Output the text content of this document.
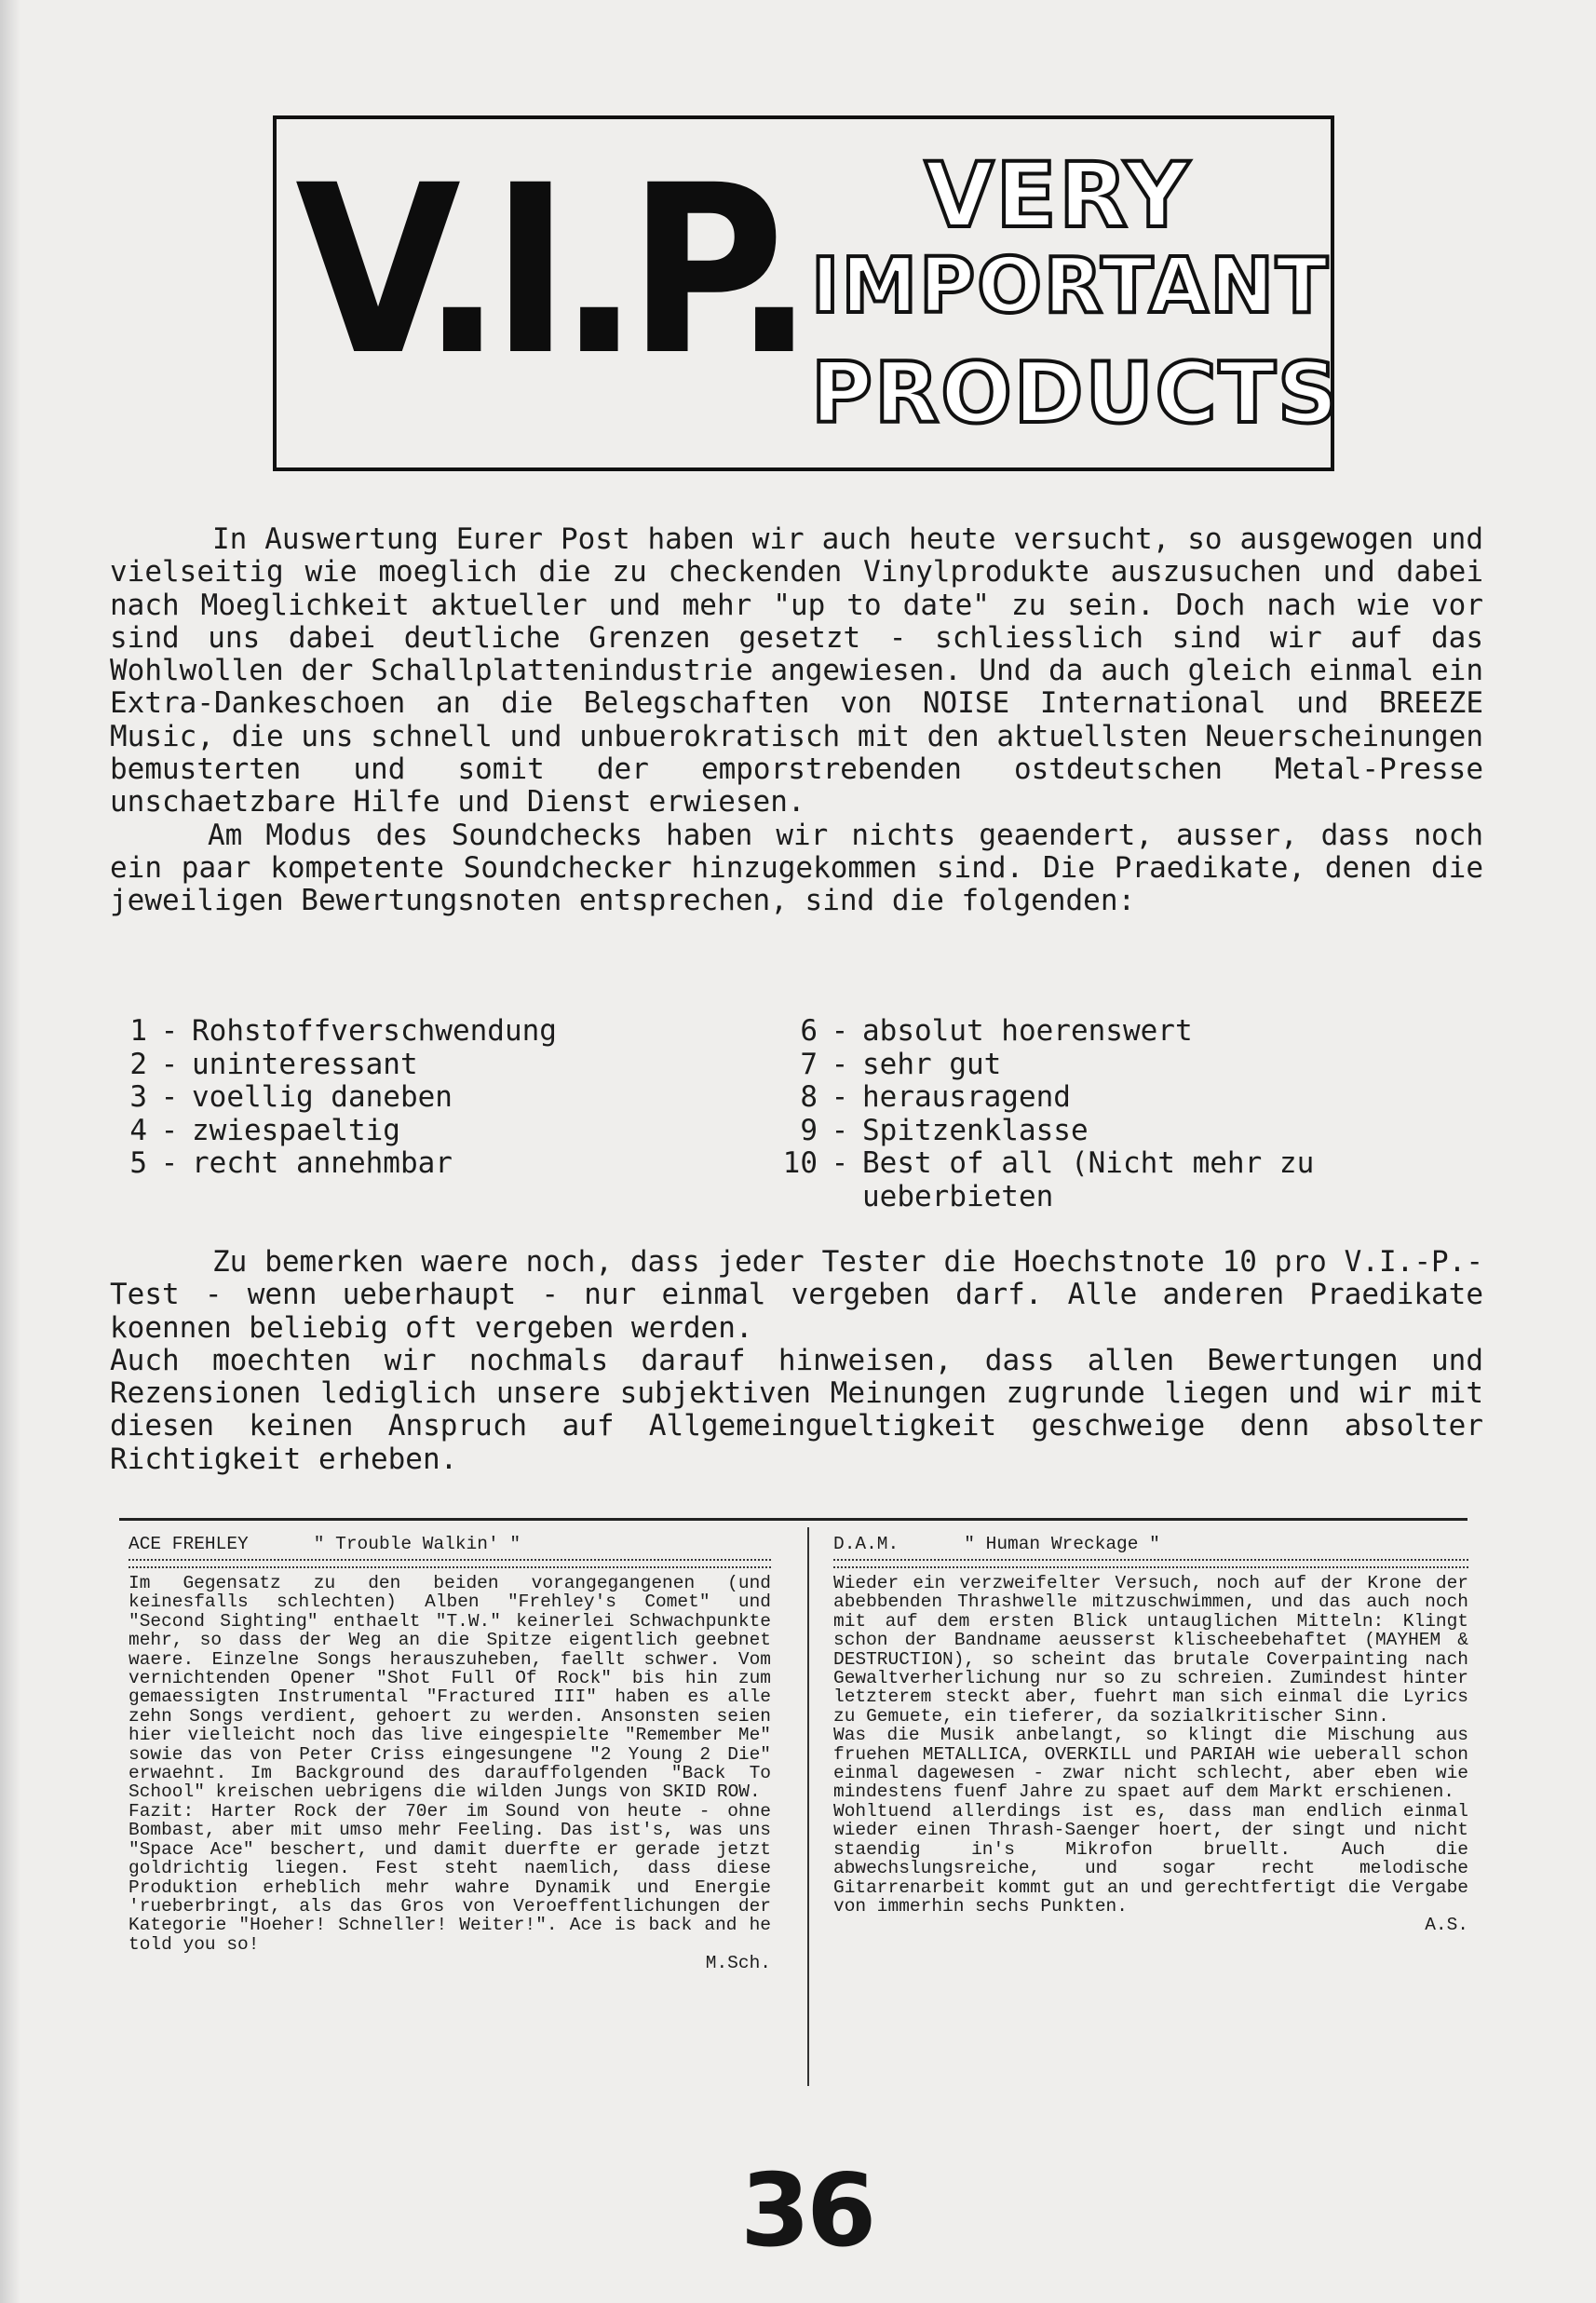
V.I.P.	VERY
IMPORTANT
PRODUCTS

In Auswertung Eurer Post haben wir auch heute versucht, so ausgewogen und vielseitig wie moeglich die zu checkenden Vinylprodukte auszusuchen und dabei nach Moeglichkeit aktueller und mehr "up to date" zu sein. Doch nach wie vor sind uns dabei deutliche Grenzen gesetzt - schliesslich sind wir auf das Wohlwollen der Schallplattenindustrie angewiesen. Und da auch gleich einmal ein Extra-Dankeschoen an die Belegschaften von NOISE International und BREEZE Music, die uns schnell und unbuerokratisch mit den aktuellsten Neuerscheinungen bemusterten und somit der emporstrebenden ostdeutschen Metal-Presse unschaetzbare Hilfe und Dienst erwiesen.

Am Modus des Soundchecks haben wir nichts geaendert, ausser, dass noch ein paar kompetente Soundchecker hinzugekommen sind. Die Praedikate, denen die jeweiligen Bewertungsnoten entsprechen, sind die folgenden:

1 - Rohstoffverschwendung
2 - uninteressant
3 - voellig daneben
4 - zwiespaeltig
5 - recht annehmbar
6 - absolut hoerenswert
7 - sehr gut
8 - herausragend
9 - Spitzenklasse
10 - Best of all (Nicht mehr zu
ueberbieten

Zu bemerken waere noch, dass jeder Tester die Hoechstnote 10 pro V.I.-P.-Test - wenn ueberhaupt - nur einmal vergeben darf. Alle anderen Praedikate koennen beliebig oft vergeben werden.

Auch moechten wir nochmals darauf hinweisen, dass allen Bewertungen und Rezensionen lediglich unsere subjektiven Meinungen zugrunde liegen und wir mit diesen keinen Anspruch auf Allgemeingueltigkeit geschweige denn absolter Richtigkeit erheben.

ACE FREHLEY	" Trouble Walkin' "

Im Gegensatz zu den beiden vorangegangenen (und keinesfalls schlechten) Alben "Frehley's Comet" und "Second Sighting" enthaelt "T.W." keinerlei Schwachpunkte mehr, so dass der Weg an die Spitze eigentlich geebnet waere. Einzelne Songs herauszuheben, faellt schwer. Vom vernichtenden Opener "Shot Full Of Rock" bis hin zum gemaessigten Instrumental "Fractured III" haben es alle zehn Songs verdient, gehoert zu werden. Ansonsten seien hier vielleicht noch das live eingespielte "Remember Me" sowie das von Peter Criss eingesungene "2 Young 2 Die" erwaehnt. Im Background des darauffolgenden "Back To School" kreischen uebrigens die wilden Jungs von SKID ROW.

Fazit: Harter Rock der 70er im Sound von heute - ohne Bombast, aber mit umso mehr Feeling. Das ist's, was uns "Space Ace" beschert, und damit duerfte er gerade jetzt goldrichtig liegen. Fest steht naemlich, dass diese Produktion erheblich mehr wahre Dynamik und Energie 'rueberbringt, als das Gros von Veroeffentlichungen der Kategorie "Hoeher! Schneller! Weiter!". Ace is back and he told you so!

M.Sch.
D.A.M.	" Human Wreckage "

Wieder ein verzweifelter Versuch, noch auf der Krone der abebbenden Thrashwelle mitzuschwimmen, und das auch noch mit auf dem ersten Blick untauglichen Mitteln: Klingt schon der Bandname aeusserst klischeebehaftet (MAYHEM & DESTRUCTION), so scheint das brutale Coverpainting nach Gewaltverherlichung nur so zu schreien. Zumindest hinter letzterem steckt aber, fuehrt man sich einmal die Lyrics zu Gemuete, ein tieferer, da sozialkritischer Sinn.

Was die Musik anbelangt, so klingt die Mischung aus fruehen METALLICA, OVERKILL und PARIAH wie ueberall schon einmal dagewesen - zwar nicht schlecht, aber eben wie mindestens fuenf Jahre zu spaet auf dem Markt erschienen.

Wohltuend allerdings ist es, dass man endlich einmal wieder einen Thrash-Saenger hoert, der singt und nicht staendig in's Mikrofon bruellt. Auch die abwechslungsreiche, und sogar recht melodische Gitarrenarbeit kommt gut an und gerechtfertigt die Vergabe von immerhin sechs Punkten.

A.S.
36
